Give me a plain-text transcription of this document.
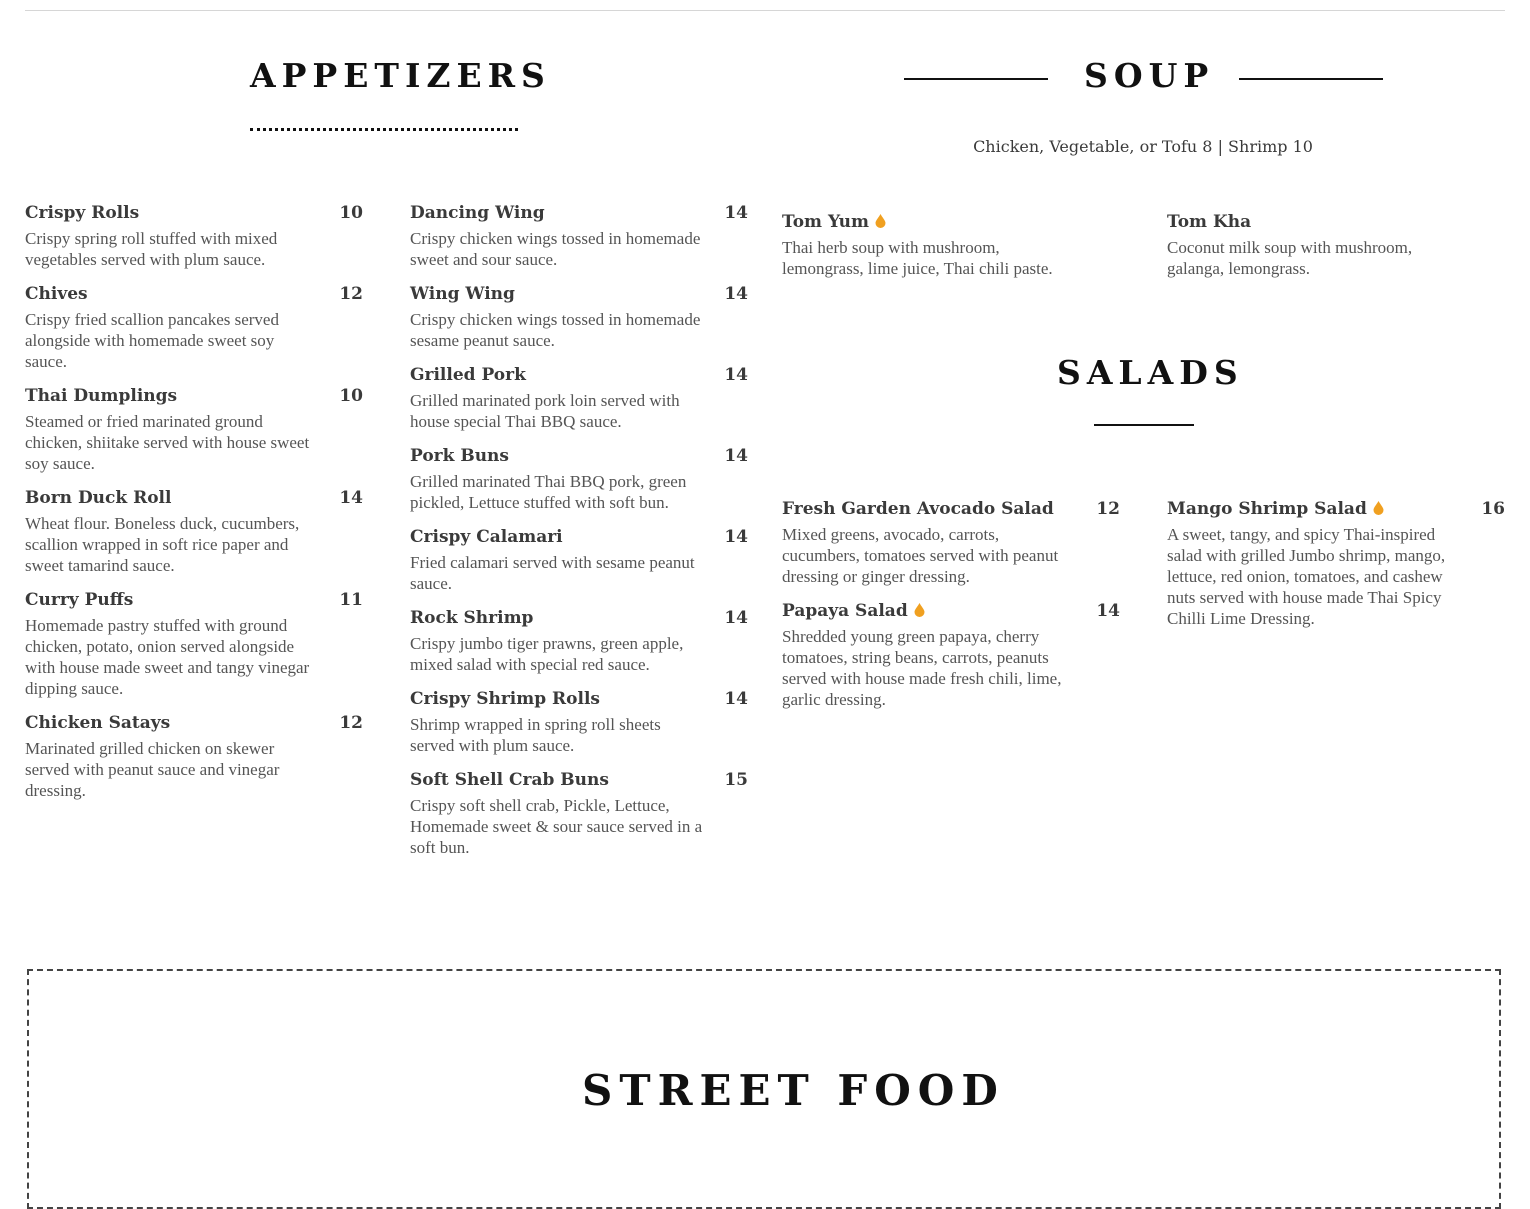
APPETIZERS	SOUP
Chicken, Vegetable, or Tofu 8 | Shrimp 10
SALADS
Crispy Rolls	10
Crispy spring roll stuffed with mixed vegetables served with plum sauce.
Chives	12
Crispy fried scallion pancakes served alongside with homemade sweet soy sauce.
Thai Dumplings	10
Steamed or fried marinated ground chicken, shiitake served with house sweet soy sauce.
Born Duck Roll	14
Wheat flour. Boneless duck, cucumbers, scallion wrapped in soft rice paper and sweet tamarind sauce.
Curry Puffs	11
Homemade pastry stuffed with ground chicken, potato, onion served alongside with house made sweet and tangy vinegar dipping sauce.
Chicken Satays	12
Marinated grilled chicken on skewer served with peanut sauce and vinegar dressing.
Dancing Wing	14
Crispy chicken wings tossed in homemade sweet and sour sauce.
Wing Wing	14
Crispy chicken wings tossed in homemade sesame peanut sauce.
Grilled Pork	14
Grilled marinated pork loin served with house special Thai BBQ sauce.
Pork Buns	14
Grilled marinated Thai BBQ pork, green pickled, Lettuce stuffed with soft bun.
Crispy Calamari	14
Fried calamari served with sesame peanut sauce.
Rock Shrimp	14
Crispy jumbo tiger prawns, green apple, mixed salad with special red sauce.
Crispy Shrimp Rolls	14
Shrimp wrapped in spring roll sheets served with plum sauce.
Soft Shell Crab Buns	15
Crispy soft shell crab, Pickle, Lettuce, Homemade sweet & sour sauce served in a soft bun.
Tom Yum
Thai herb soup with mushroom, lemongrass, lime juice, Thai chili paste.
Tom Kha
Coconut milk soup with mushroom, galanga, lemongrass.
Fresh Garden Avocado Salad	12
Mixed greens, avocado, carrots, cucumbers, tomatoes served with peanut dressing or ginger dressing.
Papaya Salad	14
Shredded young green papaya, cherry tomatoes, string beans, carrots, peanuts served with house made fresh chili, lime, garlic dressing.
Mango Shrimp Salad	16
A sweet, tangy, and spicy Thai-inspired salad with grilled Jumbo shrimp, mango, lettuce, red onion, tomatoes, and cashew nuts served with house made Thai Spicy Chilli Lime Dressing.
STREET FOOD
